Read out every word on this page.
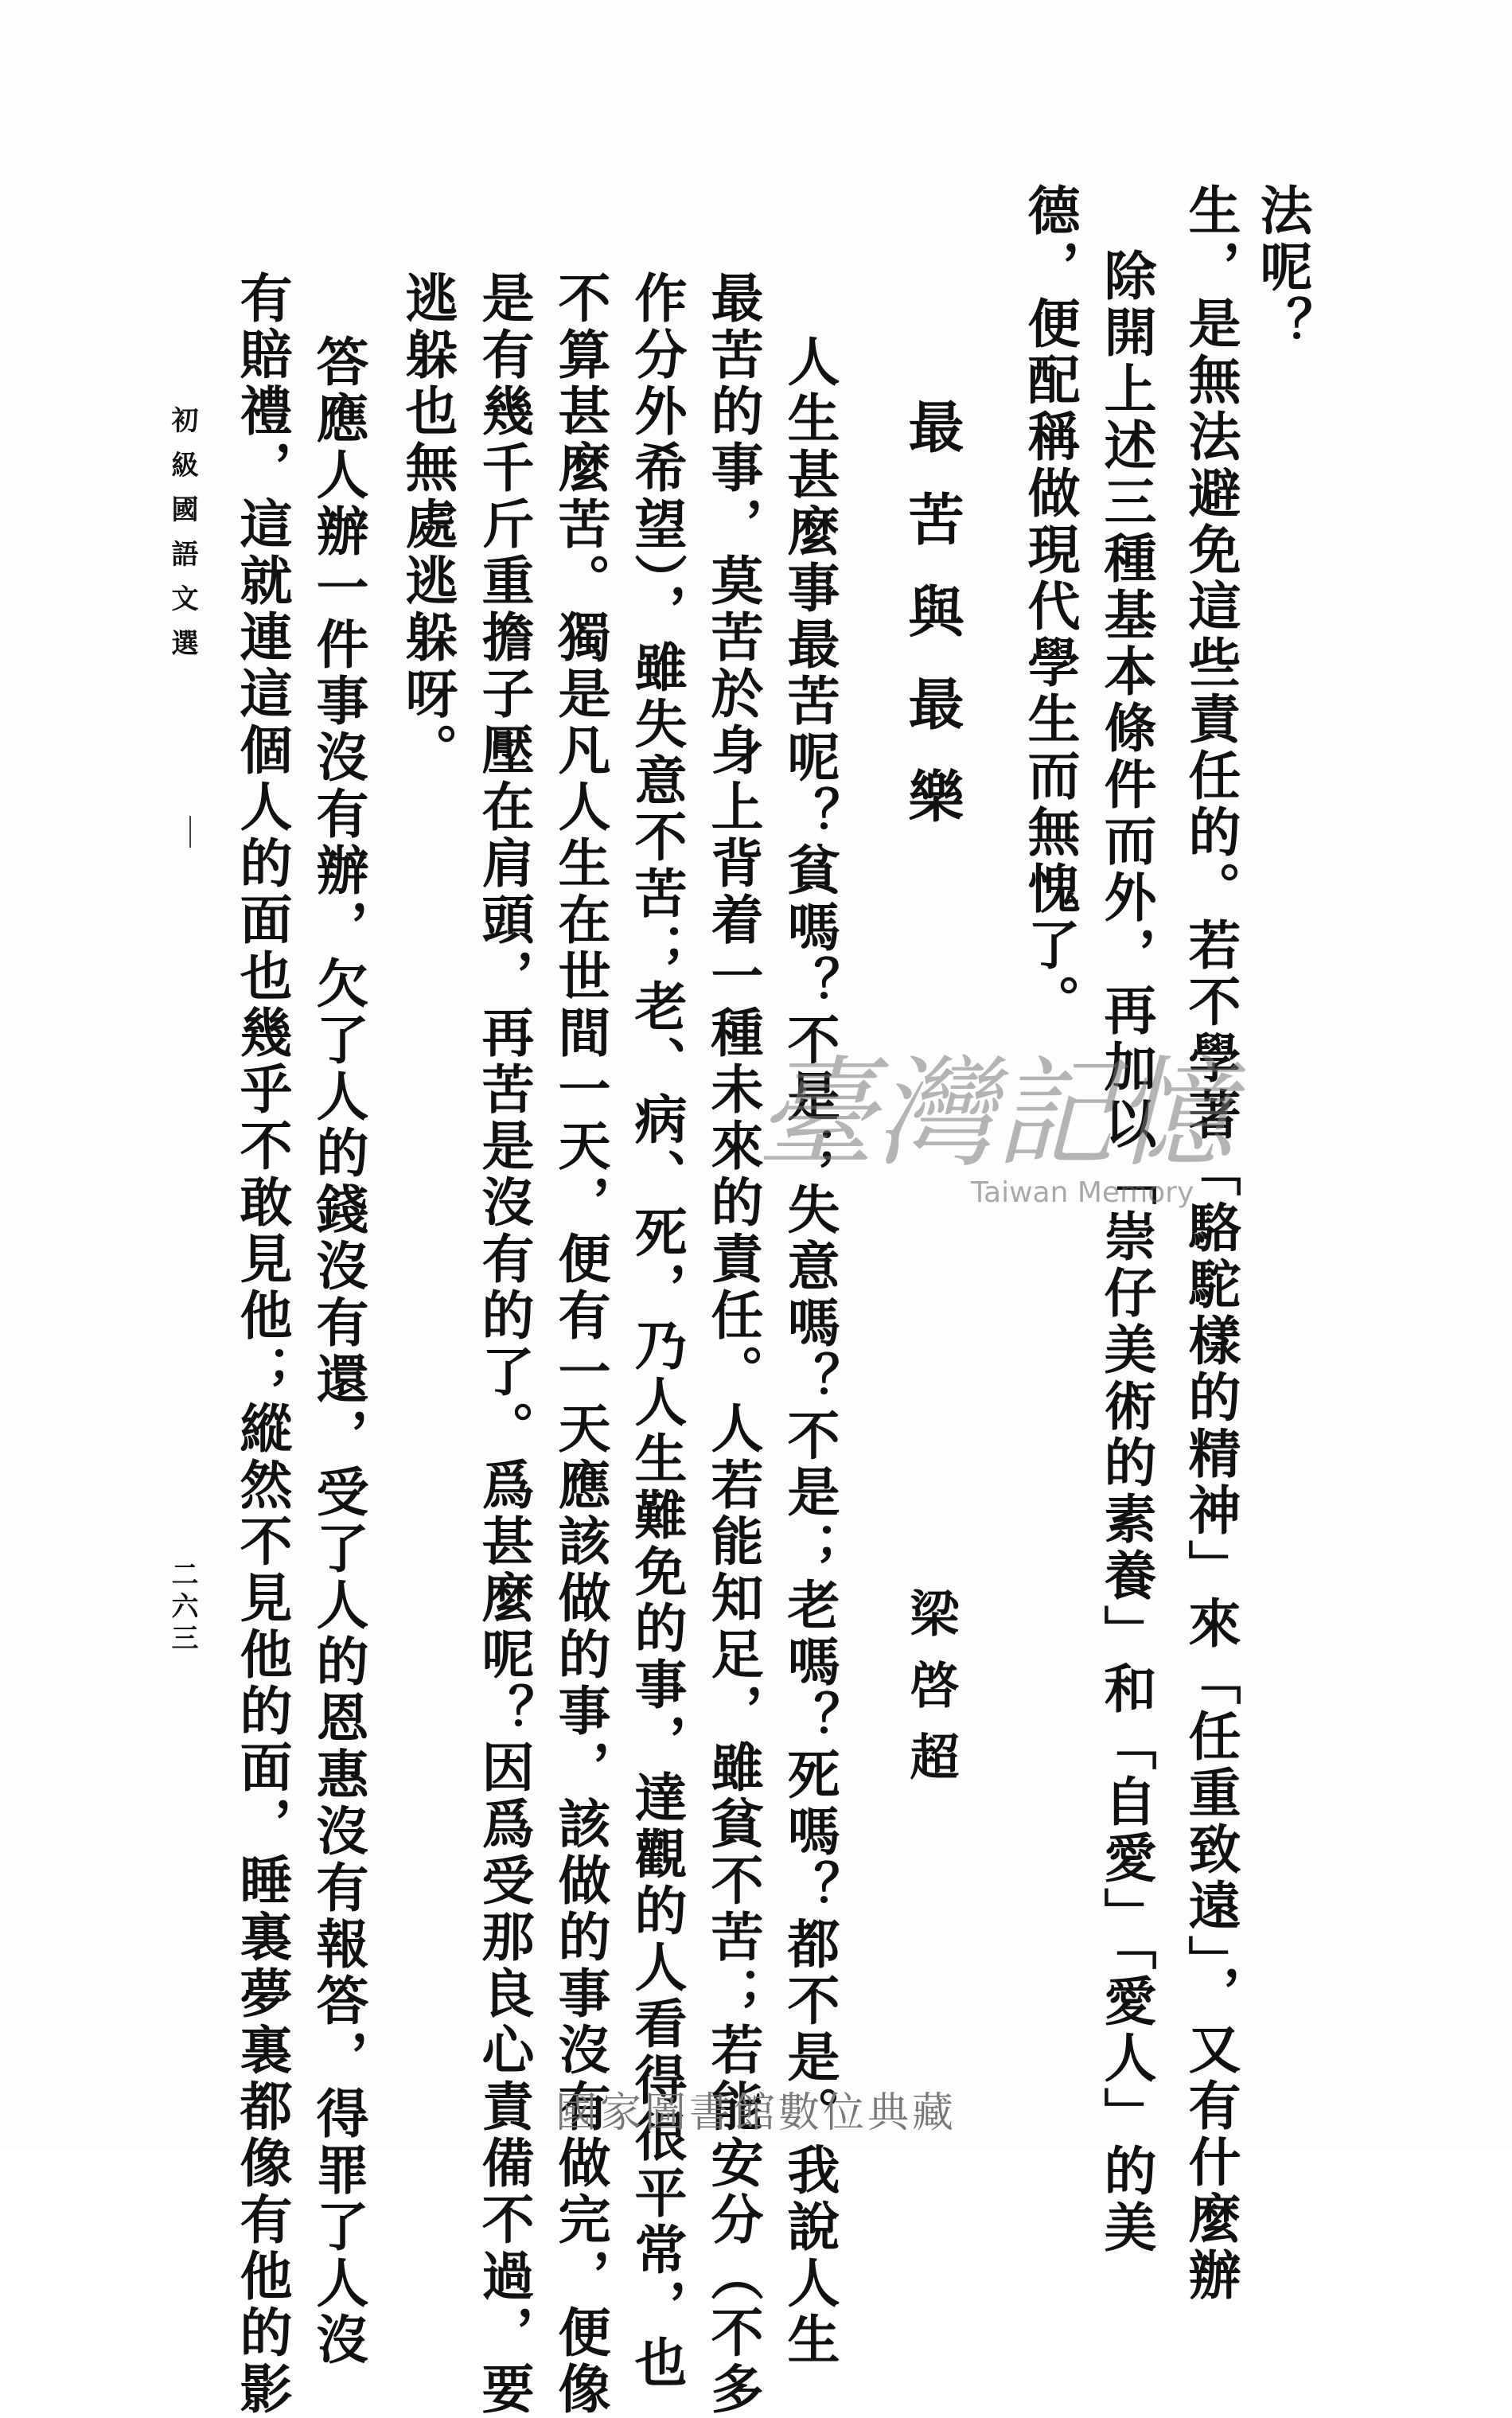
法呢？
生，是無法避免這些責任的。若不學著「駱駝樣的精神」來「任重致遠」，又有什麼辦
除開上述三種基本條件而外，再加以「崇仔美術的素養」和「自愛」「愛人」的美
德，便配稱做現代學生而無愧了。
最苦與最樂
梁啓超
人生甚麼事最苦呢？貧嗎？不是；失意嗎？不是；老嗎？死嗎？都不是。我說人生
最苦的事，莫苦於身上背着一種未來的責任。人若能知足，雖貧不苦；若能安分（不多
作分外希望），雖失意不苦；老、病、死，乃人生難免的事，達觀的人看得很平常，也
不算甚麼苦。獨是凡人生在世間一天，便有一天應該做的事，該做的事沒有做完，便像
是有幾千斤重擔子壓在肩頭，再苦是沒有的了。爲甚麼呢？因爲受那良心責備不過，要
逃躲也無處逃躲呀。
答應人辦一件事沒有辦，欠了人的錢沒有還，受了人的恩惠沒有報答，得罪了人沒
有賠禮，這就連這個人的面也幾乎不敢見他；縱然不見他的面，睡裏夢裏都像有他的影
初級國語文選
二六三
臺灣記憶
Taiwan Memory
國家圖書館數位典藏
